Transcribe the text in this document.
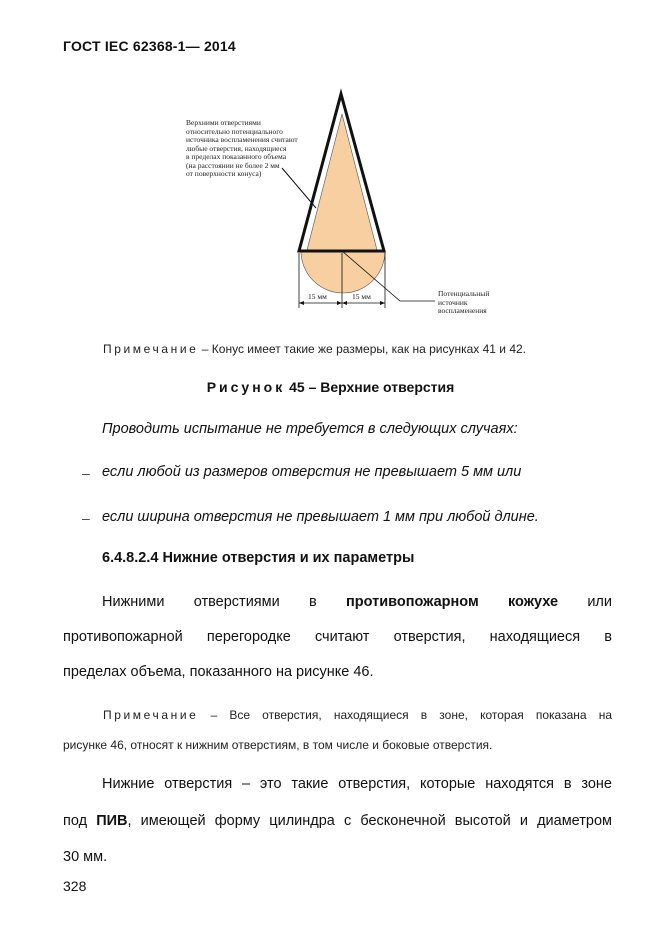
ГОСТ IEC 62368-1— 2014
Верхними отверстиями
относительно потенциального
источника воспламенения считают
любые отверстия, находящиеся
в пределах показанного объема
(на расстоянии не более 2 мм
от поверхности конуса)
15 мм	15 мм	Потенциальный
источник
воспламенения
Примечание – Конус имеет такие же размеры, как на рисунках 41 и 42.
Рисунок 45 – Верхние отверстия
Проводить испытание не требуется в следующих случаях:
– если любой из размеров отверстия не превышает 5 мм или
– если ширина отверстия не превышает 1 мм при любой длине.
6.4.8.2.4 Нижние отверстия и их параметры
Нижними отверстиями в противопожарном кожухе или
противопожарной перегородке считают отверстия, находящиеся в
пределах объема, показанного на рисунке 46.
Примечание – Все отверстия, находящиеся в зоне, которая показана на
рисунке 46, относят к нижним отверстиям, в том числе и боковые отверстия.
Нижние отверстия – это такие отверстия, которые находятся в зоне
под ПИВ, имеющей форму цилиндра с бесконечной высотой и диаметром
30 мм.
328
